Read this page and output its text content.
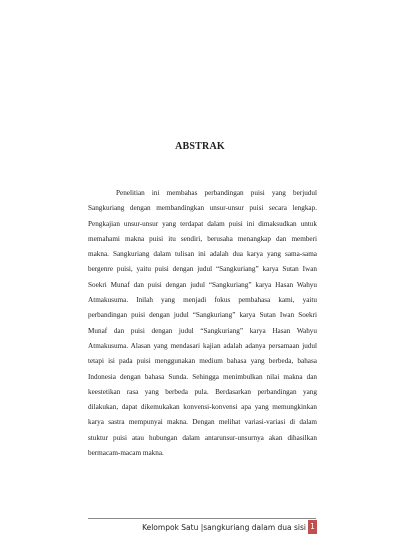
ABSTRAK
Penelitian ini membahas perbandingan puisi yang berjudul
Sangkuriang dengan membandingkan unsur-unsur puisi secara lengkap.
Pengkajian unsur-unsur yang terdapat dalam puisi ini dimaksudkan untuk
memahami makna puisi itu sendiri, berusaha menangkap dan memberi
makna. Sangkuriang dalam tulisan ini adalah dua karya yang sama-sama
bergenre puisi, yaitu puisi dengan judul “Sangkuriang” karya Sutan Iwan
Soekri Munaf dan puisi dengan judul “Sangkuriang” karya Hasan Wahyu
Atmakusuma. Inilah yang menjadi fokus pembahasa kami, yaitu
perbandingan puisi dengan judul “Sangkuriang” karya Sutan Iwan Soekri
Munaf dan puisi dengan judul “Sangkuriang” karya Hasan Wahyu
Atmakusuma. Alasan yang mendasari kajian adalah adanya persamaan judul
tetapi isi pada puisi menggunakan medium bahasa yang berbeda, bahasa
Indonesia dengan bahasa Sunda. Sehingga menimbulkan nilai makna dan
keestetikan rasa yang berbeda pula. Berdasarkan perbandingan yang
dilakukan, dapat dikemukakan konvensi-konvensi apa yang memungkinkan
karya sastra mempunyai makna. Dengan melihat variasi-variasi di dalam
stuktur puisi atau hubungan dalam antarunsur-unsurnya akan dihasilkan
bermacam-macam makna.
Kelompok Satu |sangkuriang dalam dua sisi 1
